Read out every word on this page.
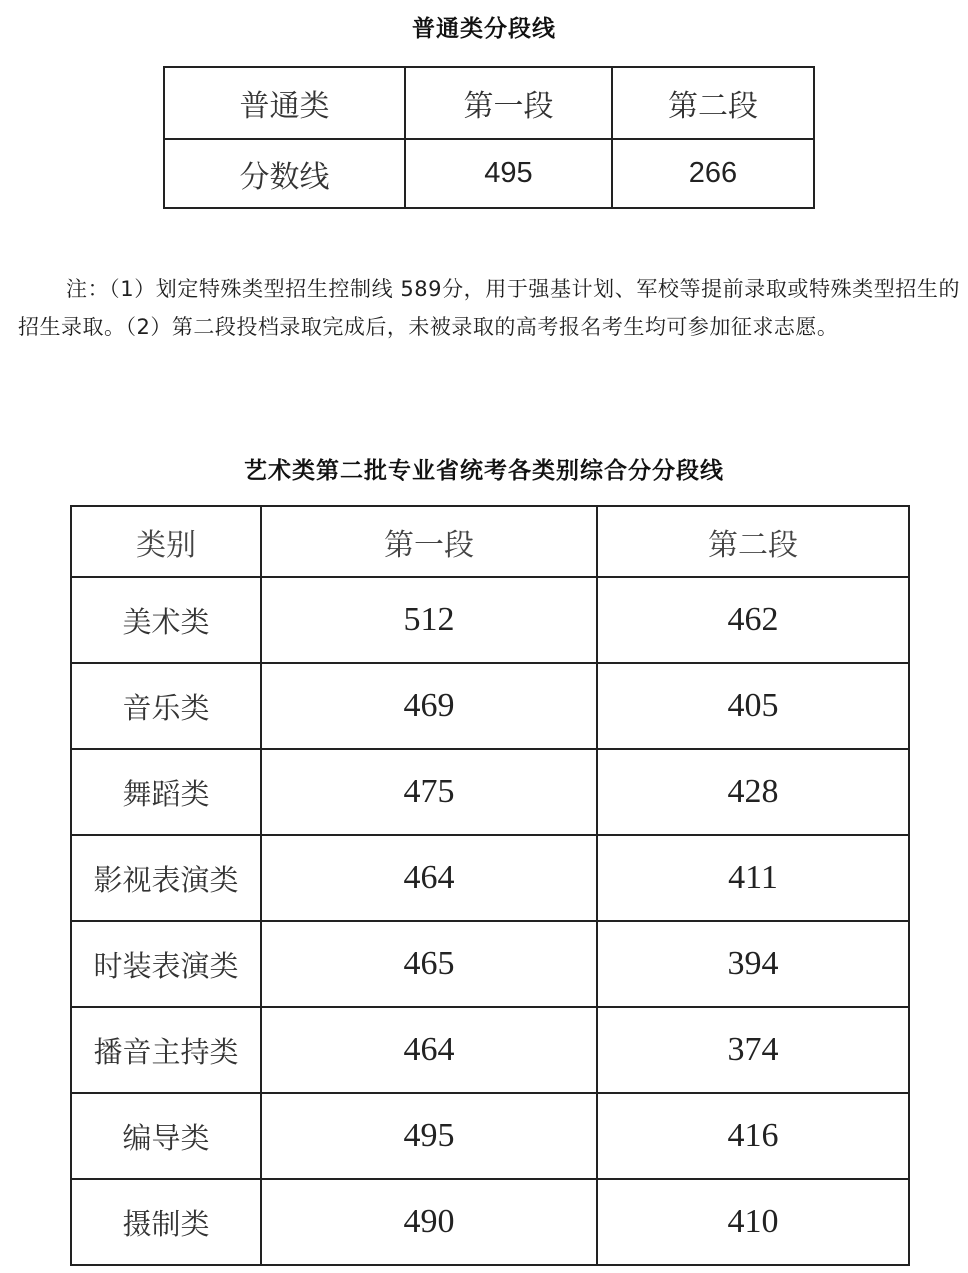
普通类分段线
普通类	第一段	第二段
分数线	495	266
注：（1）划定特殊类型招生控制线 589分，用于强基计划、军校等提前录取或特殊类型招生的招生录取。（2）第二段投档录取完成后，未被录取的高考报名考生均可参加征求志愿。
艺术类第二批专业省统考各类别综合分分段线
类别	第一段	第二段
美术类	512	462
音乐类	469	405
舞蹈类	475	428
影视表演类	464	411
时装表演类	465	394
播音主持类	464	374
编导类	495	416
摄制类	490	410
